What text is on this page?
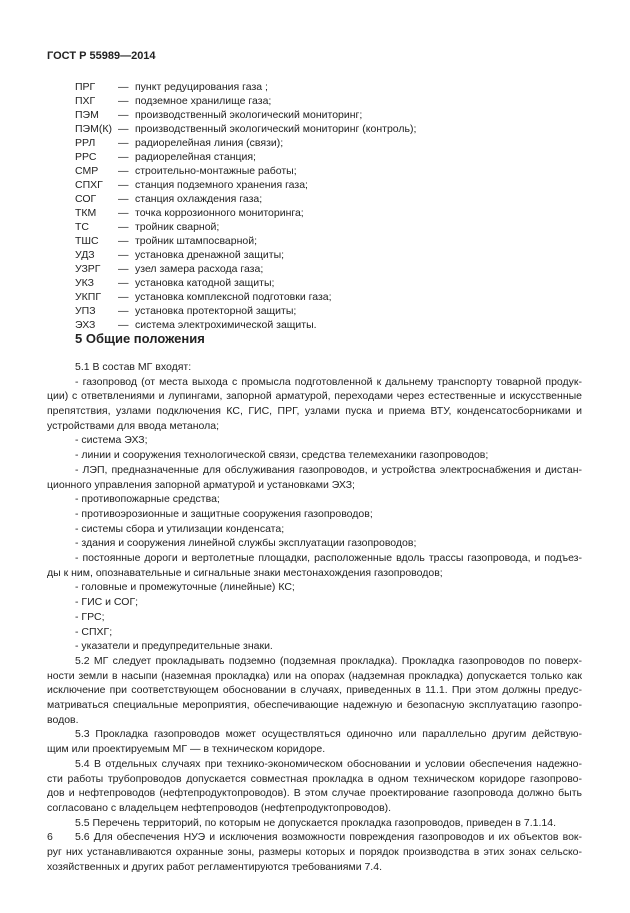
ГОСТ Р 55989—2014
ПРГ	— пункт редуцирования газа ;
ПХГ	— подземное хранилище газа;
ПЭМ	— производственный экологический мониторинг;
ПЭМ(К) — производственный экологический мониторинг (контроль);
РРЛ	— радиорелейная линия (связи);
РРС	— радиорелейная станция;
СМР	— строительно-монтажные работы;
СПХГ	— станция подземного хранения газа;
СОГ	— станция охлаждения газа;
ТКМ	— точка коррозионного мониторинга;
ТС	— тройник сварной;
ТШС	— тройник штампосварной;
УДЗ	— установка дренажной защиты;
УЗРГ	— узел замера расхода газа;
УКЗ	— установка катодной защиты;
УКПГ	— установка комплексной подготовки газа;
УПЗ	— установка протекторной защиты;
ЭХЗ	— система электрохимической защиты.
5 Общие положения
5.1 В состав МГ входят:
- газопровод (от места выхода с промысла подготовленной к дальнему транспорту товарной продук-
ции) с ответвлениями и лупингами, запорной арматурой, переходами через естественные и искусственные
препятствия, узлами подключения КС, ГИС, ПРГ, узлами пуска и приема ВТУ, конденсатосборниками и
устройствами для ввода метанола;
- система ЭХЗ;
- линии и сооружения технологической связи, средства телемеханики газопроводов;
- ЛЭП, предназначенные для обслуживания газопроводов, и устройства электроснабжения и дистан-
ционного управления запорной арматурой и установками ЭХЗ;
- противопожарные средства;
- противоэрозионные и защитные сооружения газопроводов;
- системы сбора и утилизации конденсата;
- здания и сооружения линейной службы эксплуатации газопроводов;
- постоянные дороги и вертолетные площадки, расположенные вдоль трассы газопровода, и подъез-
ды к ним, опознавательные и сигнальные знаки местонахождения газопроводов;
- головные и промежуточные (линейные) КС;
- ГИС и СОГ;
- ГРС;
- СПХГ;
- указатели и предупредительные знаки.
5.2 МГ следует прокладывать подземно (подземная прокладка). Прокладка газопроводов по поверх-
ности земли в насыпи (наземная прокладка) или на опорах (надземная прокладка) допускается только как
исключение при соответствующем обосновании в случаях, приведенных в 11.1. При этом должны предус-
матриваться специальные мероприятия, обеспечивающие надежную и безопасную эксплуатацию газопро-
водов.
5.3 Прокладка газопроводов может осуществляться одиночно или параллельно другим действую-
щим или проектируемым МГ — в техническом коридоре.
5.4 В отдельных случаях при технико-экономическом обосновании и условии обеспечения надежно-
сти работы трубопроводов допускается совместная прокладка в одном техническом коридоре газопрово-
дов и нефтепроводов (нефтепродуктопроводов). В этом случае проектирование газопровода должно быть
согласовано с владельцем нефтепроводов (нефтепродуктопроводов).
5.5 Перечень территорий, по которым не допускается прокладка газопроводов, приведен в 7.1.14.
5.6 Для обеспечения НУЭ и исключения возможности повреждения газопроводов и их объектов вок-
руг них устанавливаются охранные зоны, размеры которых и порядок производства в этих зонах сельско-
хозяйственных и других работ регламентируются требованиями 7.4.
6
